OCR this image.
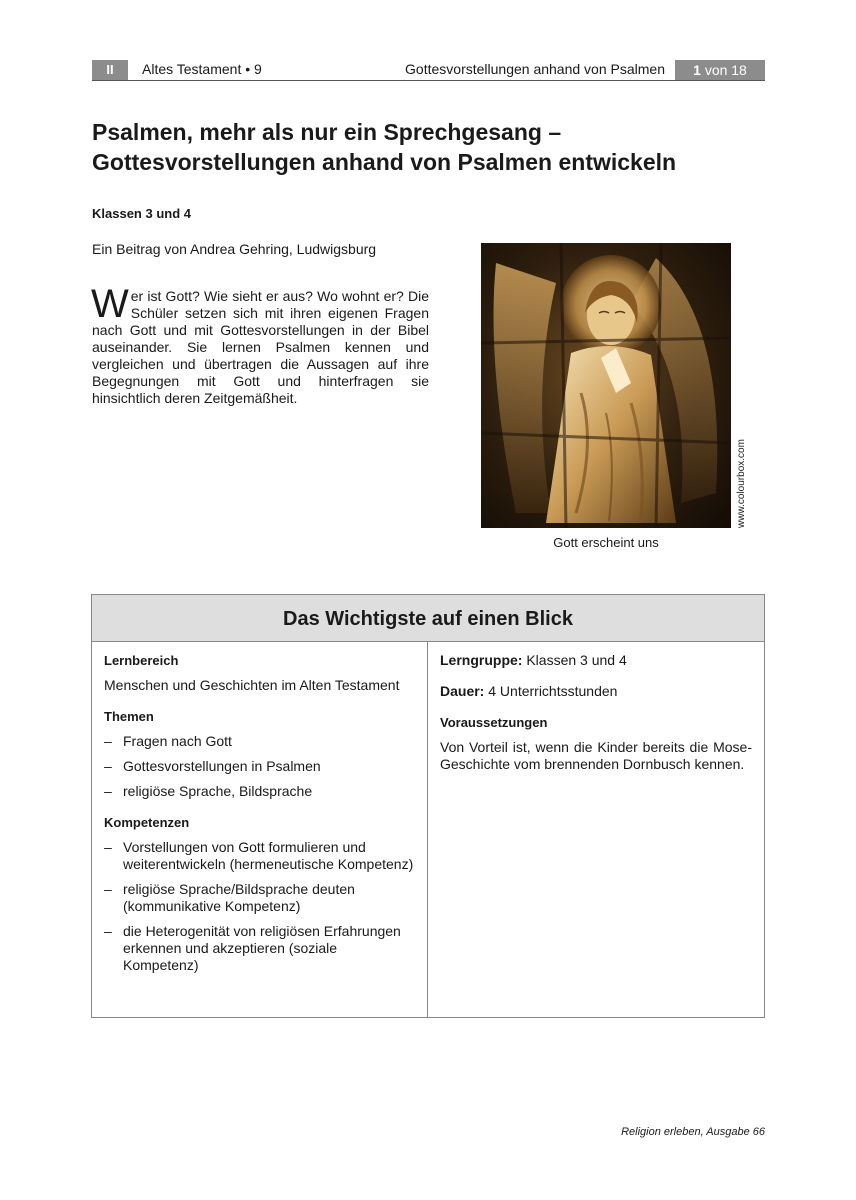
II	Altes Testament • 9	Gottesvorstellungen anhand von Psalmen	1 von 18
Psalmen, mehr als nur ein Sprechgesang –
Gottesvorstellungen anhand von Psalmen entwickeln
Klassen 3 und 4
Ein Beitrag von Andrea Gehring, Ludwigsburg

Wer ist Gott? Wie sieht er aus? Wo wohnt er? Die Schüler setzen sich mit ihren eigenen Fragen nach Gott und mit Gottesvorstellungen in der Bibel auseinander. Sie lernen Psalmen kennen und vergleichen und übertragen die Aussagen auf ihre Begegnungen mit Gott und hinterfragen sie hinsichtlich deren Zeitgemäßheit.

www.colourbox.com
Gott erscheint uns
Das Wichtigste auf einen Blick
Lernbereich

Menschen und Geschichten im Alten Testament

Themen
– Fragen nach Gott
– Gottesvorstellungen in Psalmen
– religiöse Sprache, Bildsprache
Kompetenzen
– Vorstellungen von Gott formulieren und weiterentwickeln (hermeneutische Kompetenz)
– religiöse Sprache/Bildsprache deuten (kommunikative Kompetenz)
– die Heterogenität von religiösen Erfahrungen erkennen und akzeptieren (soziale Kompetenz)

Lerngruppe: Klassen 3 und 4

Dauer: 4 Unterrichtsstunden

Voraussetzungen

Von Vorteil ist, wenn die Kinder bereits die Mose-Geschichte vom brennenden Dornbusch kennen.

Religion erleben, Ausgabe 66
